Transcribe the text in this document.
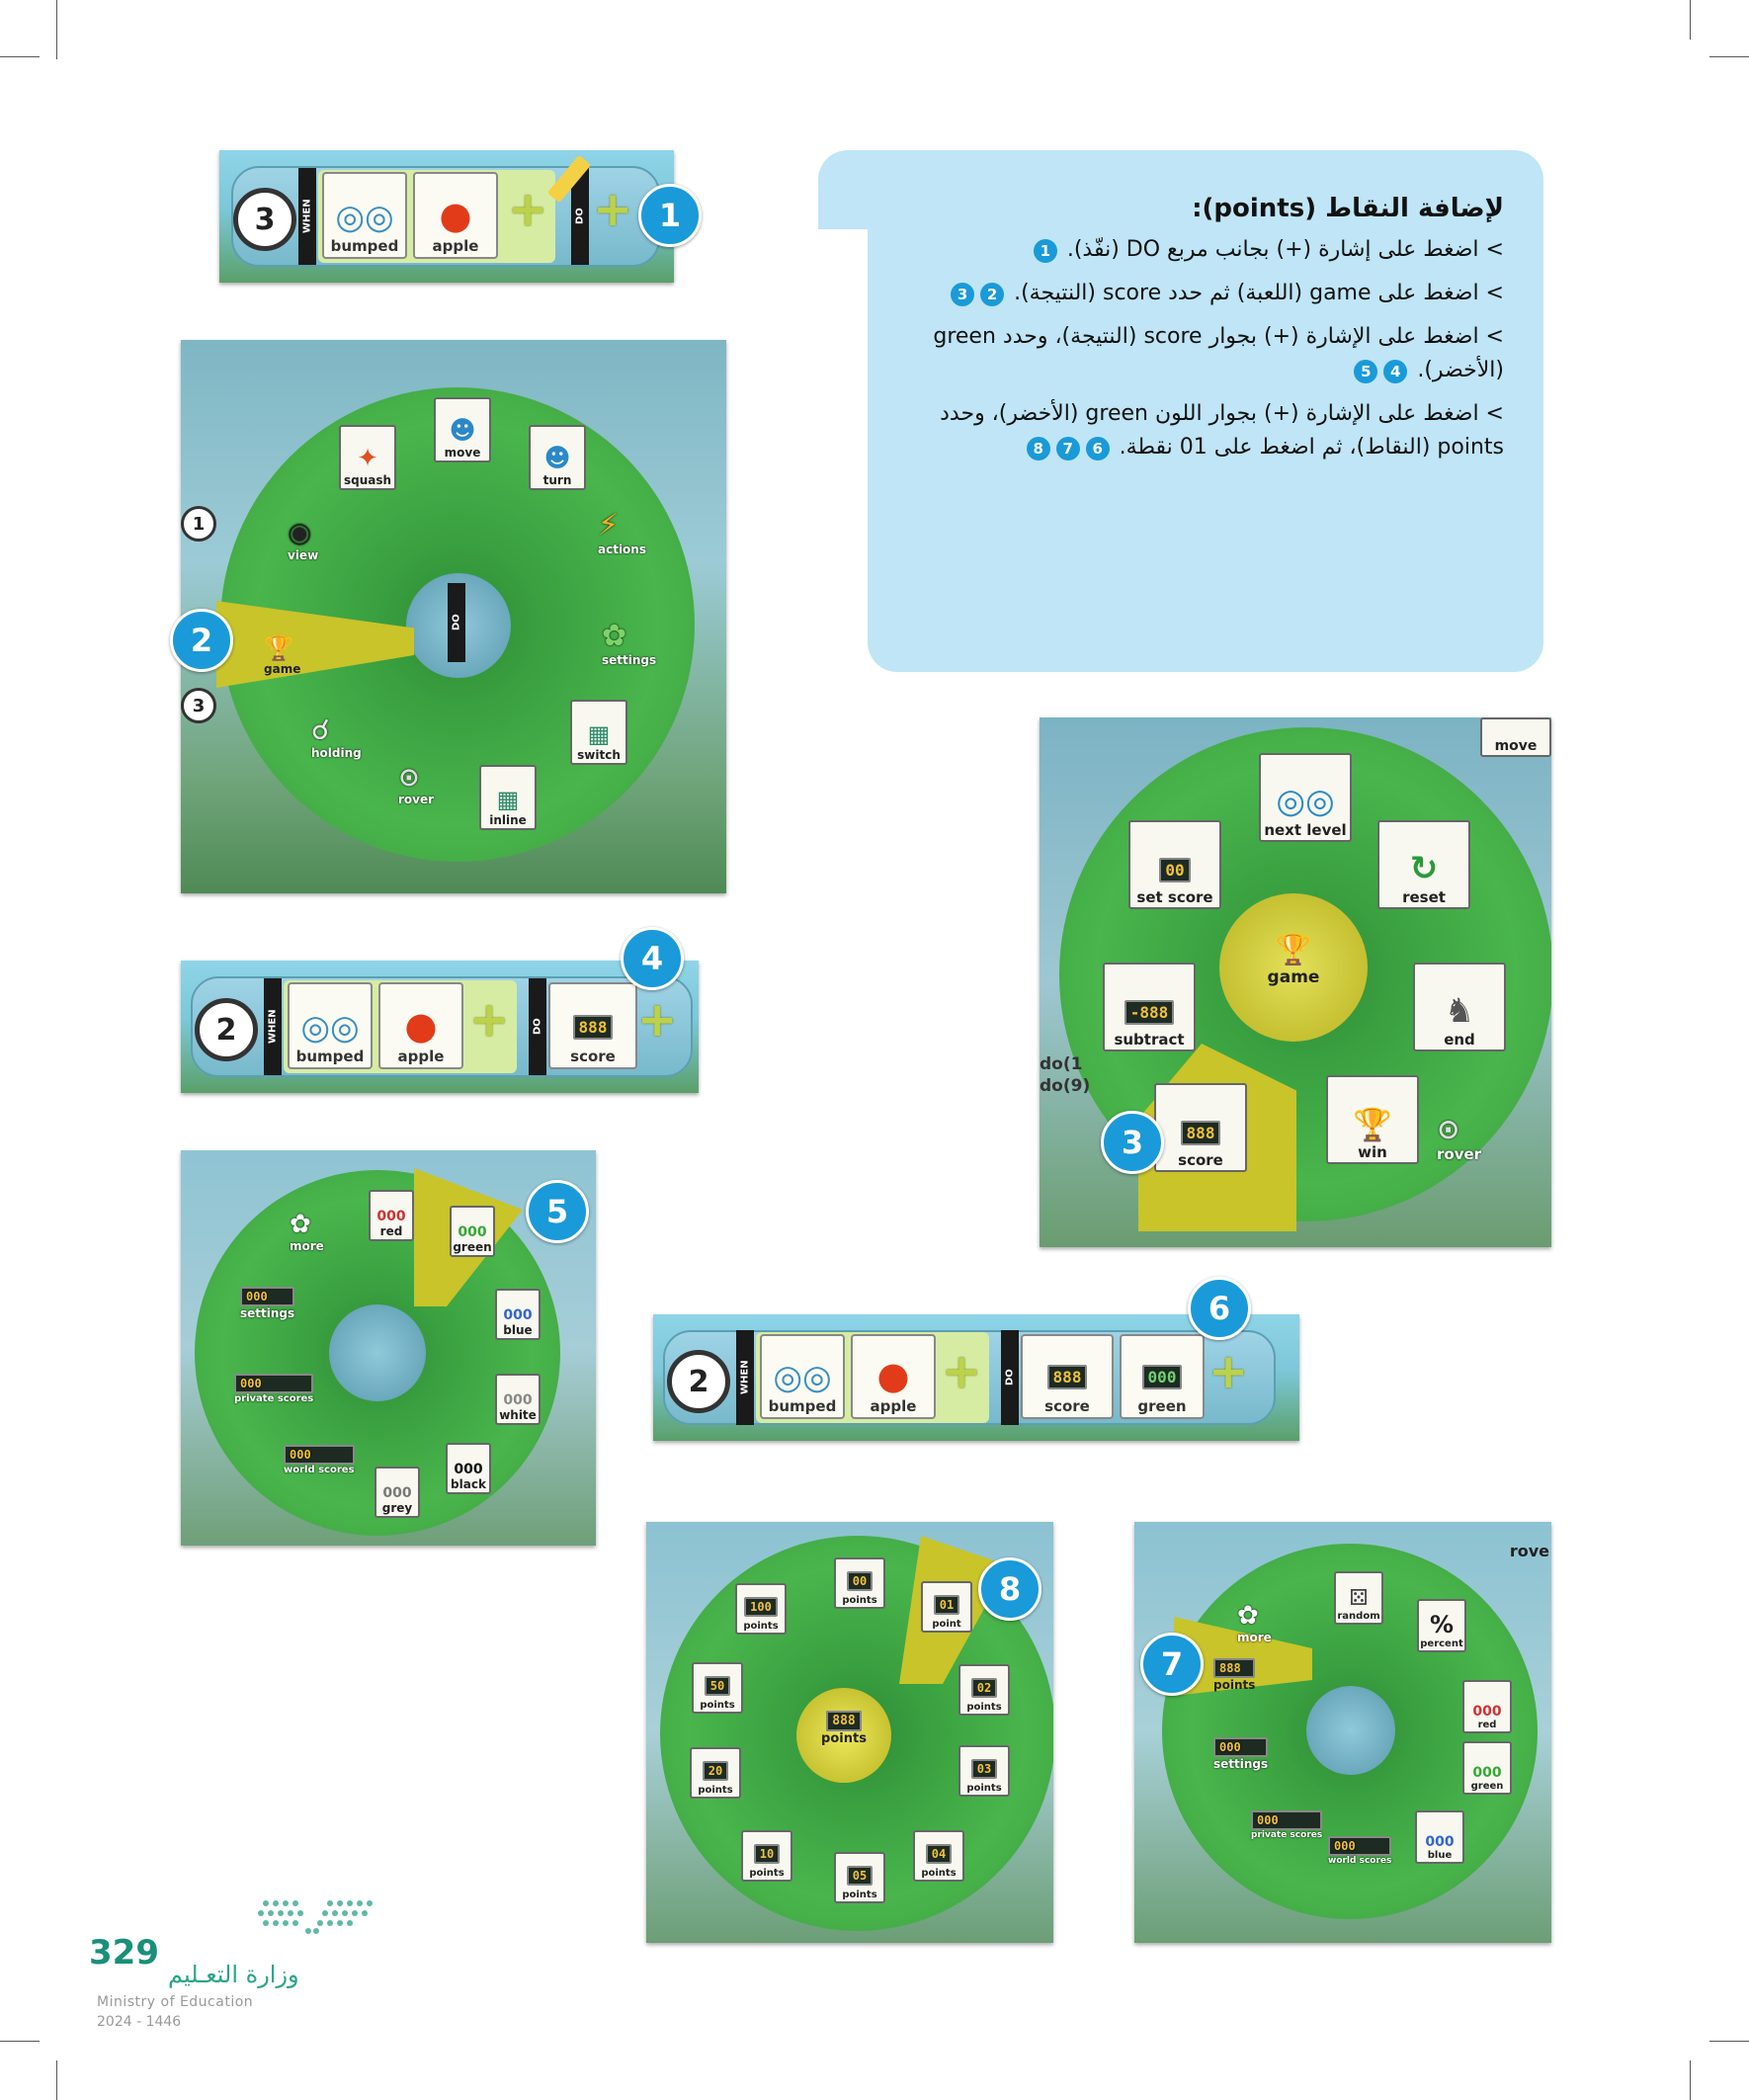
لإضافة النقاط (points):

> اضغط على إشارة (+) بجانب مربع DO (نفّذ). 1

> اضغط على game (اللعبة) ثم حدد score (النتيجة). 23

> اضغط على الإشارة (+) بجوار score (النتيجة)، وحدد green (الأخضر). 45

> اضغط على الإشارة (+) بجوار اللون green (الأخضر)، وحدد points (النقاط)، ثم اضغط على 01 نقطة. 678

3	WHEN ◎◎
bumped
●
apple
+	DO + 1
DO
✦
squash
☻
move ☻
turn
◉
view
⚡
actions
🏆
game
✿
settings
☌
holding
⊙
rover	▦
inline
▦
switch
1
3
2
2	WHEN ◎◎
bumped
●
apple
+	DO	888
score
+
4
✿
more
000
red	000
green
000
settings	000
blue
000
private scores	000
white
000
world scores
000
grey
000
black
5
🏆
game
◎◎
next level
00
set score
↻
reset
-888
subtract
♞
end
888
score
🏆
win
⊙
rover
move
do(1
do(9)
3
2	WHEN ◎◎
bumped
●
apple
+	DO	888
score
000
green
+
6
888
points
100
points
00
points	01
point
50
points
02
points
20
points
03
points
10
points	05
points
04
points
8	⚄
random
✿
more	%
percent
888
points
000
red
000
settings
000
green
000
private scores	000
blue
000
world scores
rove
7
329
وزارة التعـليم
Ministry of Education
2024 - 1446
